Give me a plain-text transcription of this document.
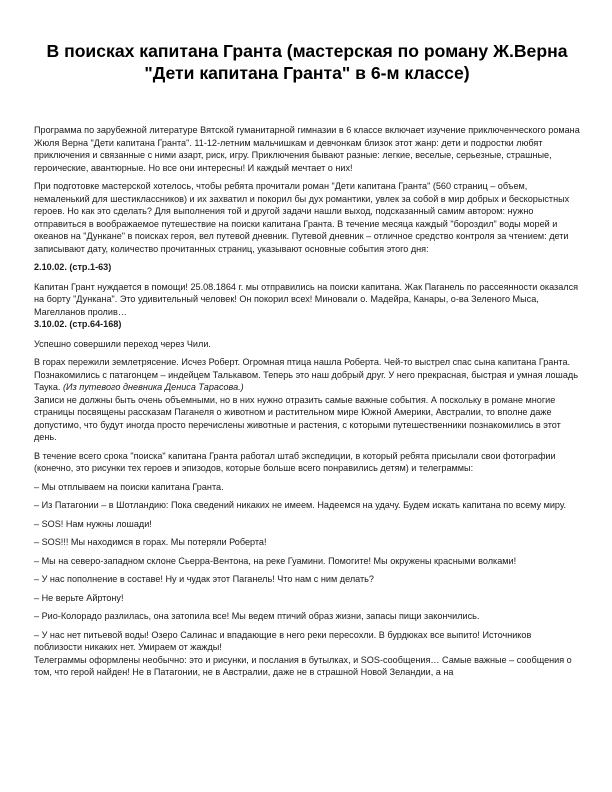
В поисках капитана Гранта (мастерская по роману Ж.Верна "Дети капитана Гранта" в 6-м классе)

Программа по зарубежной литературе Вятской гуманитарной гимназии в 6 классе включает изучение приключенческого романа Жюля Верна "Дети капитана Гранта". 11-12-летним мальчишкам и девчонкам близок этот жанр: дети и подростки любят приключения и связанные с ними азарт, риск, игру. Приключения бывают разные: легкие, веселые, серьезные, страшные, героические, авантюрные. Но все они интересны! И каждый мечтает о них!

При подготовке мастерской хотелось, чтобы ребята прочитали роман "Дети капитана Гранта" (560 страниц – объем, немаленький для шестиклассников) и их захватил и покорил бы дух романтики, увлек за собой в мир добрых и бескорыстных героев. Но как это сделать? Для выполнения той и другой задачи нашли выход, подсказанный самим автором: нужно отправиться в воображаемое путешествие на поиски капитана Гранта. В течение месяца каждый "бороздил" воды морей и океанов на "Дункане" в поисках героя, вел путевой дневник. Путевой дневник – отличное средство контроля за чтением: дети записывают дату, количество прочитанных страниц, указывают основные события этого дня:

2.10.02. (стр.1-63)

Капитан Грант нуждается в помощи! 25.08.1864 г. мы отправились на поиски капитана. Жак Паганель по рассеянности оказался на борту "Дункана". Это удивительный человек! Он покорил всех! Миновали о. Мадейра, Канары, о-ва Зеленого Мыса, Магелланов пролив…

3.10.02. (стр.64-168)

Успешно совершили переход через Чили.

В горах пережили землетрясение. Исчез Роберт. Огромная птица нашла Роберта. Чей-то выстрел спас сына капитана Гранта. Познакомились с патагонцем – индейцем Талькавом. Теперь это наш добрый друг. У него прекрасная, быстрая и умная лошадь Таука. (Из путевого дневника Дениса Тарасова.)

Записи не должны быть очень объемными, но в них нужно отразить самые важные события. А поскольку в романе многие страницы посвящены рассказам Паганеля о животном и растительном мире Южной Америки, Австралии, то вполне даже допустимо, что будут иногда просто перечислены животные и растения, с которыми путешественники познакомились в этот день.

В течение всего срока "поиска" капитана Гранта работал штаб экспедиции, в который ребята присылали свои фотографии (конечно, это рисунки тех героев и эпизодов, которые больше всего понравились детям) и телеграммы:

– Мы отплываем на поиски капитана Гранта.

– Из Патагонии – в Шотландию: Пока сведений никаких не имеем. Надеемся на удачу. Будем искать капитана по всему миру.

– SOS! Нам нужны лошади!

– SOS!!! Мы находимся в горах. Мы потеряли Роберта!

– Мы на северо-западном склоне Сьерра-Вентона, на реке Гуамини. Помогите! Мы окружены красными волками!

– У нас пополнение в составе! Ну и чудак этот Паганель! Что нам с ним делать?

– Не верьте Айртону!

– Рио-Колорадо разлилась, она затопила все! Мы ведем птичий образ жизни, запасы пищи закончились.

– У нас нет питьевой воды! Озеро Салинас и впадающие в него реки пересохли. В бурдюках все выпито! Источников поблизости никаких нет. Умираем от жажды!

Телеграммы оформлены необычно: это и рисунки, и послания в бутылках, и SOS-сообщения… Самые важные – сообщения о том, что герой найден! Не в Патагонии, не в Австралии, даже не в страшной Новой Зеландии, а на
